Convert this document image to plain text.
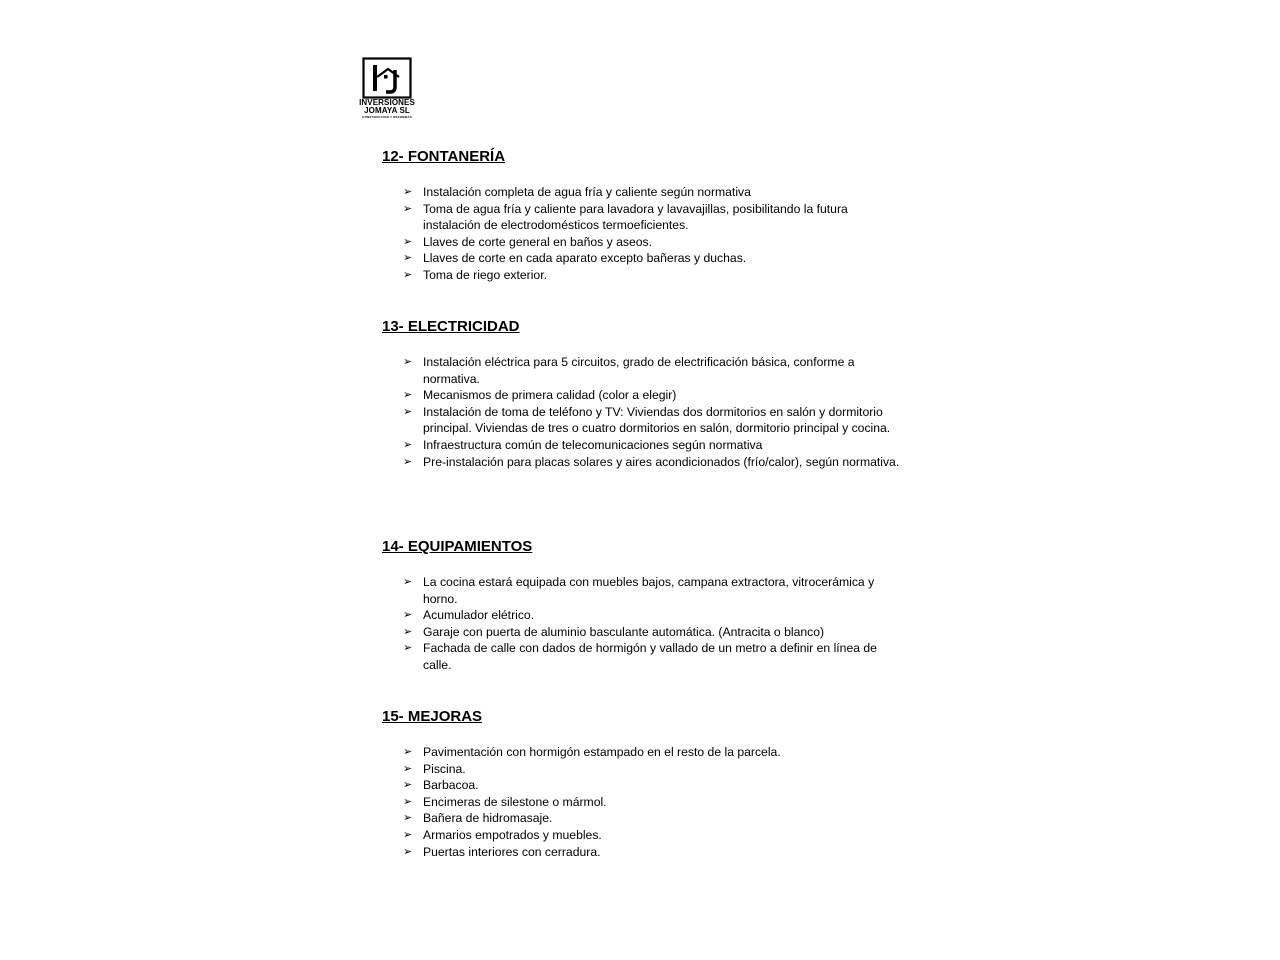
INVERSIONES
JOMAYA SL
CONSTRUCCION Y REFORMAS
12- FONTANERÍA
➢ Instalación completa de agua fría y caliente según normativa
➢ Toma de agua fría y caliente para lavadora y lavavajillas, posibilitando la futura instalación de electrodomésticos termoeficientes.
➢ Llaves de corte general en baños y aseos.
➢ Llaves de corte en cada aparato excepto bañeras y duchas.
➢ Toma de riego exterior.
13- ELECTRICIDAD
➢ Instalación eléctrica para 5 circuitos, grado de electrificación básica, conforme a normativa.
➢ Mecanismos de primera calidad (color a elegir)
➢ Instalación de toma de teléfono y TV: Viviendas dos dormitorios en salón y dormitorio principal. Viviendas de tres o cuatro dormitorios en salón, dormitorio principal y cocina.
➢ Infraestructura común de telecomunicaciones según normativa
➢ Pre-instalación para placas solares y aires acondicionados (frío/calor), según normativa.
14- EQUIPAMIENTOS
➢ La cocina estará equipada con muebles bajos, campana extractora, vitrocerámica y horno.
➢ Acumulador elétrico.
➢ Garaje con puerta de aluminio basculante automática. (Antracita o blanco)
➢ Fachada de calle con dados de hormigón y vallado de un metro a definir en línea de calle.
15- MEJORAS
➢ Pavimentación con hormigón estampado en el resto de la parcela.
➢ Piscina.
➢ Barbacoa.
➢ Encimeras de silestone o mármol.
➢ Bañera de hidromasaje.
➢ Armarios empotrados y muebles.
➢ Puertas interiores con cerradura.
